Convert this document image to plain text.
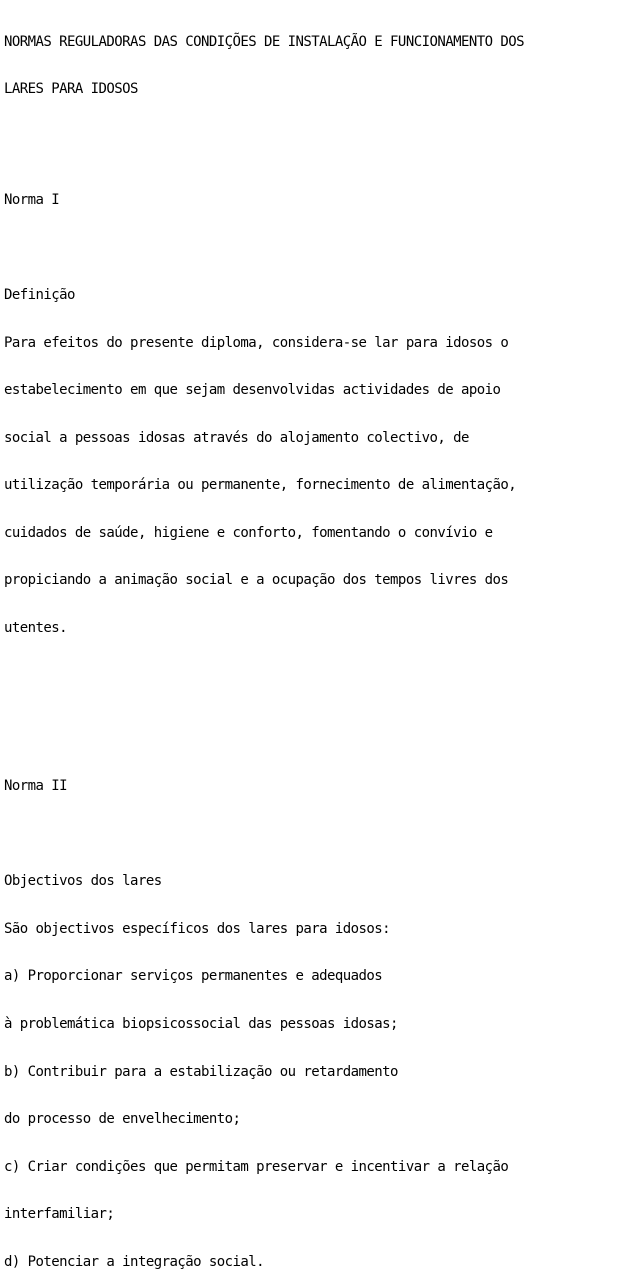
NORMAS REGULADORAS DAS CONDIÇÕES DE INSTALAÇÃO E FUNCIONAMENTO DOS

LARES PARA IDOSOS

Norma I

Definição

Para efeitos do presente diploma, considera-se lar para idosos o

estabelecimento em que sejam desenvolvidas actividades de apoio

social a pessoas idosas através do alojamento colectivo, de

utilização temporária ou permanente, fornecimento de alimentação,

cuidados de saúde, higiene e conforto, fomentando o convívio e

propiciando a animação social e a ocupação dos tempos livres dos

utentes.

Norma II

Objectivos dos lares

São objectivos específicos dos lares para idosos:

a) Proporcionar serviços permanentes e adequados

à problemática biopsicossocial das pessoas idosas;

b) Contribuir para a estabilização ou retardamento

do processo de envelhecimento;

c) Criar condições que permitam preservar e incentivar a relação

interfamiliar;

d) Potenciar a integração social.
